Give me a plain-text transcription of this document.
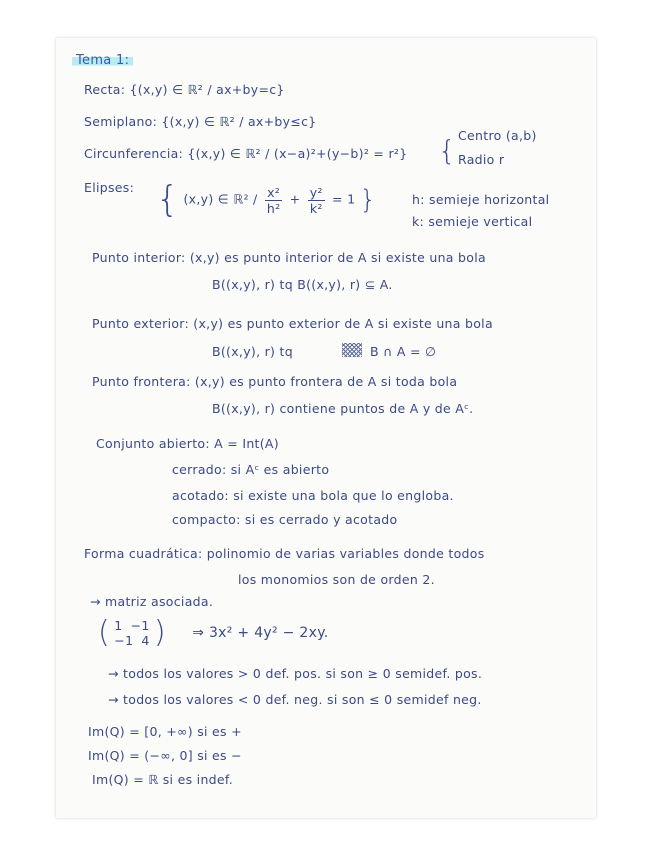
Tema 1:
Recta: {(x,y) ∈ ℝ² / ax+by=c}
Semiplano: {(x,y) ∈ ℝ² / ax+by≤c}
Circunferencia: {(x,y) ∈ ℝ² / (x−a)²+(y−b)² = r²} { Centro (a,b)
Radio r
Elipses: { (x,y) ∈ ℝ² / $\frac{\text{x²}}{\text{h²}} + \frac{\text{y²}}{\text{k²}} = 1$ }	h: semieje horizontal
k: semieje vertical
Punto interior: (x,y) es punto interior de A si existe una bola
B((x,y), r) tq B((x,y), r) ⊆ A.
Punto exterior: (x,y) es punto exterior de A si existe una bola
B((x,y), r) tq	B ∩ A = ∅
Punto frontera: (x,y) es punto frontera de A si toda bola
B((x,y), r) contiene puntos de A y de Aᶜ.
Conjunto abierto: A = Int(A)
cerrado: si Aᶜ es abierto
acotado: si existe una bola que lo engloba.
compacto: si es cerrado y acotado
Forma cuadrática: polinomio de varias variables donde todos
los monomios son de orden 2.
→ matriz asociada.
( 1 −1
−1 4 ) ⇒ 3x² + 4y² − 2xy.
→ todos los valores > 0 def. pos. si son ≥ 0 semidef. pos.
→ todos los valores < 0 def. neg. si son ≤ 0 semidef neg.
Im(Q) = [0, +∞) si es +
Im(Q) = (−∞, 0] si es −
Im(Q) = ℝ si es indef.
